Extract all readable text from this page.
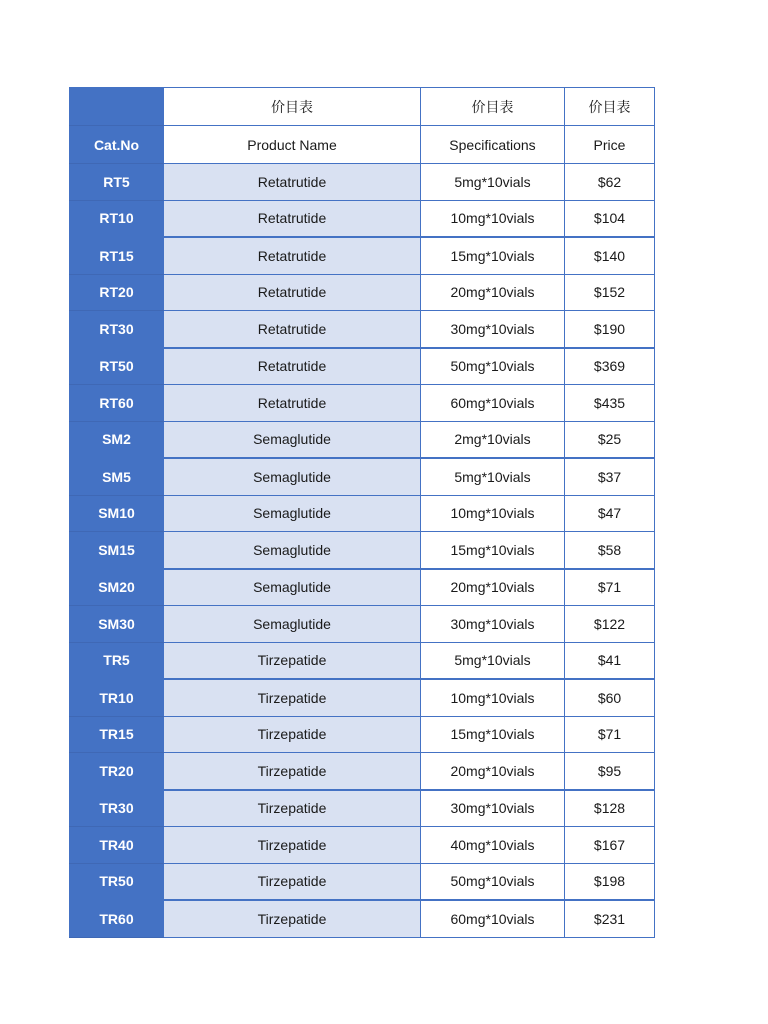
	价目表	价目表	价目表
Cat.No	Product Name	Specifications	Price
RT5	Retatrutide	5mg*10vials	$62
RT10	Retatrutide	10mg*10vials	$104
RT15	Retatrutide	15mg*10vials	$140
RT20	Retatrutide	20mg*10vials	$152
RT30	Retatrutide	30mg*10vials	$190
RT50	Retatrutide	50mg*10vials	$369
RT60	Retatrutide	60mg*10vials	$435
SM2	Semaglutide	2mg*10vials	$25
SM5	Semaglutide	5mg*10vials	$37
SM10	Semaglutide	10mg*10vials	$47
SM15	Semaglutide	15mg*10vials	$58
SM20	Semaglutide	20mg*10vials	$71
SM30	Semaglutide	30mg*10vials	$122
TR5	Tirzepatide	5mg*10vials	$41
TR10	Tirzepatide	10mg*10vials	$60
TR15	Tirzepatide	15mg*10vials	$71
TR20	Tirzepatide	20mg*10vials	$95
TR30	Tirzepatide	30mg*10vials	$128
TR40	Tirzepatide	40mg*10vials	$167
TR50	Tirzepatide	50mg*10vials	$198
TR60	Tirzepatide	60mg*10vials	$231
